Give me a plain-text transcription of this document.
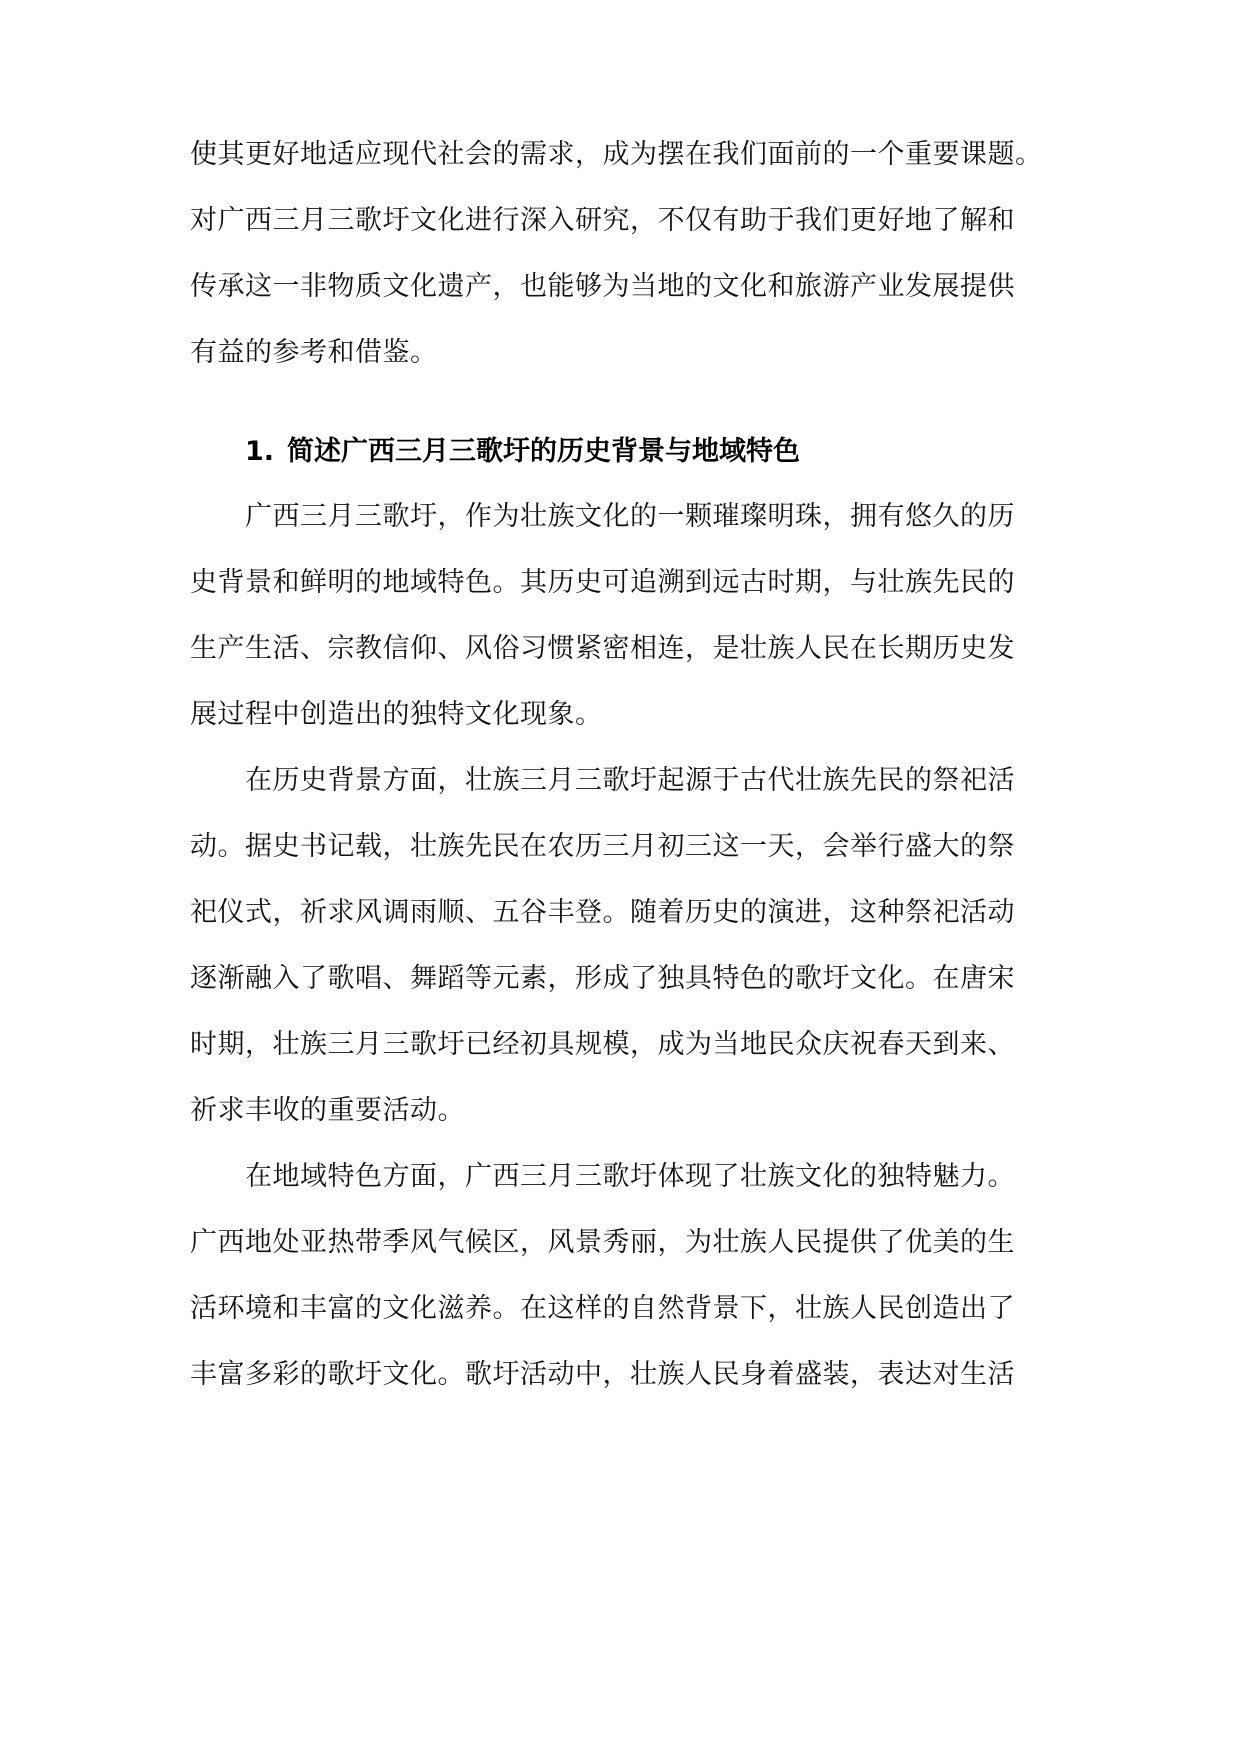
使其更好地适应现代社会的需求，成为摆在我们面前的一个重要课题。
对广西三月三歌圩文化进行深入研究，不仅有助于我们更好地了解和
传承这一非物质文化遗产，也能够为当地的文化和旅游产业发展提供
有益的参考和借鉴。
1. 简述广西三月三歌圩的历史背景与地域特色
广西三月三歌圩，作为壮族文化的一颗璀璨明珠，拥有悠久的历
史背景和鲜明的地域特色。其历史可追溯到远古时期，与壮族先民的
生产生活、宗教信仰、风俗习惯紧密相连，是壮族人民在长期历史发
展过程中创造出的独特文化现象。
在历史背景方面，壮族三月三歌圩起源于古代壮族先民的祭祀活
动。据史书记载，壮族先民在农历三月初三这一天，会举行盛大的祭
祀仪式，祈求风调雨顺、五谷丰登。随着历史的演进，这种祭祀活动
逐渐融入了歌唱、舞蹈等元素，形成了独具特色的歌圩文化。在唐宋
时期，壮族三月三歌圩已经初具规模，成为当地民众庆祝春天到来、
祈求丰收的重要活动。
在地域特色方面，广西三月三歌圩体现了壮族文化的独特魅力。
广西地处亚热带季风气候区，风景秀丽，为壮族人民提供了优美的生
活环境和丰富的文化滋养。在这样的自然背景下，壮族人民创造出了
丰富多彩的歌圩文化。歌圩活动中，壮族人民身着盛装，表达对生活
